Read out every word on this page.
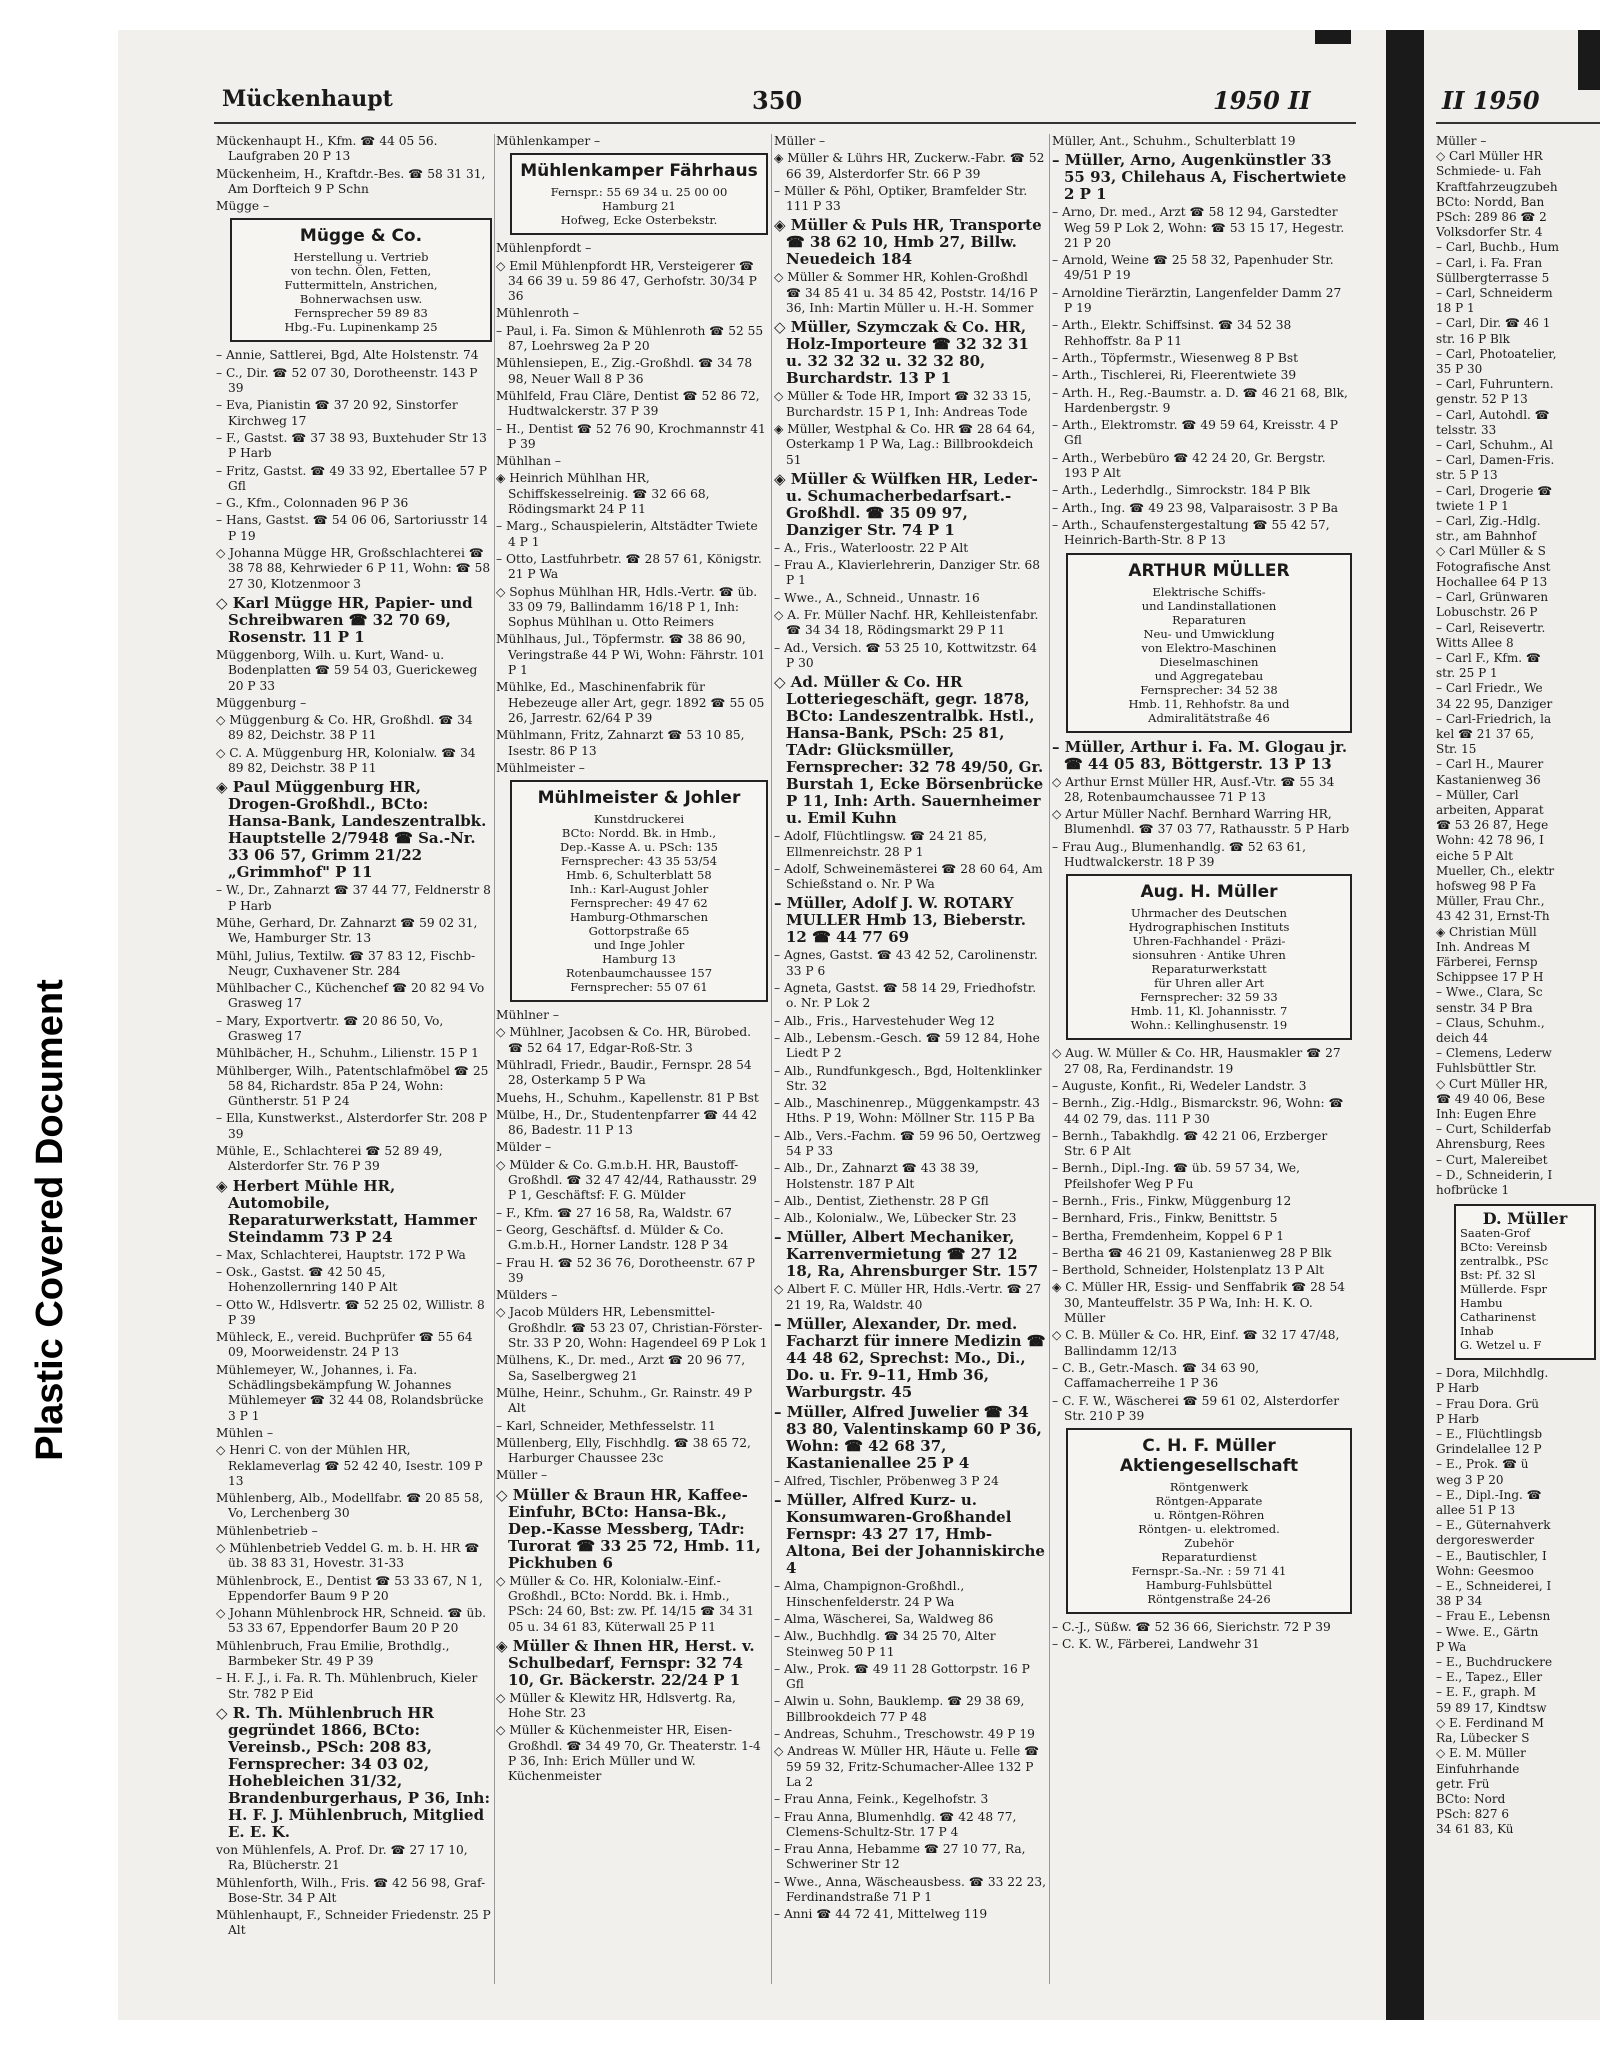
Plastic Covered Document
Mückenhaupt	350	1950 II

Mückenhaupt H., Kfm. ☎ 44 05 56. Laufgraben 20 P 13

Mückenheim, H., Kraftdr.-Bes. ☎ 58 31 31, Am Dorfteich 9 P Schn

Mügge –

Mügge & Co.
Herstellung u. Vertrieb
von techn. Ölen, Fetten,
Futtermitteln, Anstrichen,
Bohnerwachsen usw.
Fernsprecher 59 89 83
Hbg.-Fu. Lupinenkamp 25

– Annie, Sattlerei, Bgd, Alte Holstenstr. 74

– C., Dir. ☎ 52 07 30, Dorotheenstr. 143 P 39

– Eva, Pianistin ☎ 37 20 92, Sinstorfer Kirchweg 17

– F., Gastst. ☎ 37 38 93, Buxtehuder Str 13 P Harb

– Fritz, Gastst. ☎ 49 33 92, Ebertallee 57 P Gfl

– G., Kfm., Colonnaden 96 P 36

– Hans, Gastst. ☎ 54 06 06, Sartoriusstr 14 P 19

◇ Johanna Mügge HR, Großschlachterei ☎ 38 78 88, Kehrwieder 6 P 11, Wohn: ☎ 58 27 30, Klotzenmoor 3

◇ Karl Mügge HR, Papier- und Schreibwaren ☎ 32 70 69, Rosenstr. 11 P 1

Müggenborg, Wilh. u. Kurt, Wand- u. Bodenplatten ☎ 59 54 03, Guerickeweg 20 P 33

Müggenburg –

◇ Müggenburg & Co. HR, Großhdl. ☎ 34 89 82, Deichstr. 38 P 11

◇ C. A. Müggenburg HR, Kolonialw. ☎ 34 89 82, Deichstr. 38 P 11

◈ Paul Müggenburg HR, Drogen-Großhdl., BCto: Hansa-Bank, Landeszentralbk. Hauptstelle 2/7948 ☎ Sa.-Nr. 33 06 57, Grimm 21/22 „Grimmhof" P 11

– W., Dr., Zahnarzt ☎ 37 44 77, Feldnerstr 8 P Harb

Mühe, Gerhard, Dr. Zahnarzt ☎ 59 02 31, We, Hamburger Str. 13

Mühl, Julius, Textilw. ☎ 37 83 12, Fischb-Neugr, Cuxhavener Str. 284

Mühlbacher C., Küchenchef ☎ 20 82 94 Vo Grasweg 17

– Mary, Exportvertr. ☎ 20 86 50, Vo, Grasweg 17

Mühlbächer, H., Schuhm., Lilienstr. 15 P 1

Mühlberger, Wilh., Patentschlafmöbel ☎ 25 58 84, Richardstr. 85a P 24, Wohn: Güntherstr. 51 P 24

– Ella, Kunstwerkst., Alsterdorfer Str. 208 P 39

Mühle, E., Schlachterei ☎ 52 89 49, Alsterdorfer Str. 76 P 39

◈ Herbert Mühle HR, Automobile, Reparaturwerkstatt, Hammer Steindamm 73 P 24

– Max, Schlachterei, Hauptstr. 172 P Wa

– Osk., Gastst. ☎ 42 50 45, Hohenzollernring 140 P Alt

– Otto W., Hdlsvertr. ☎ 52 25 02, Willistr. 8 P 39

Mühleck, E., vereid. Buchprüfer ☎ 55 64 09, Moorweidenstr. 24 P 13

Mühlemeyer, W., Johannes, i. Fa. Schädlingsbekämpfung W. Johannes Mühlemeyer ☎ 32 44 08, Rolandsbrücke 3 P 1

Mühlen –

◇ Henri C. von der Mühlen HR, Reklameverlag ☎ 52 42 40, Isestr. 109 P 13

Mühlenberg, Alb., Modellfabr. ☎ 20 85 58, Vo, Lerchenberg 30

Mühlenbetrieb –

◇ Mühlenbetrieb Veddel G. m. b. H. HR ☎ üb. 38 83 31, Hovestr. 31-33

Mühlenbrock, E., Dentist ☎ 53 33 67, N 1, Eppendorfer Baum 9 P 20

◇ Johann Mühlenbrock HR, Schneid. ☎ üb. 53 33 67, Eppendorfer Baum 20 P 20

Mühlenbruch, Frau Emilie, Brothdlg., Barmbeker Str. 49 P 39

– H. F. J., i. Fa. R. Th. Mühlenbruch, Kieler Str. 782 P Eid

◇ R. Th. Mühlenbruch HR gegründet 1866, BCto: Vereinsb., PSch: 208 83, Fernsprecher: 34 03 02, Hohebleichen 31/32, Brandenburgerhaus, P 36, Inh: H. F. J. Mühlenbruch, Mitglied E. E. K.

von Mühlenfels, A. Prof. Dr. ☎ 27 17 10, Ra, Blücherstr. 21

Mühlenforth, Wilh., Fris. ☎ 42 56 98, Graf-Bose-Str. 34 P Alt

Mühlenhaupt, F., Schneider Friedenstr. 25 P Alt

Mühlenkamper –

Mühlenkamper Fährhaus
Fernspr.: 55 69 34 u. 25 00 00
Hamburg 21
Hofweg, Ecke Osterbekstr.

Mühlenpfordt –

◇ Emil Mühlenpfordt HR, Versteigerer ☎ 34 66 39 u. 59 86 47, Gerhofstr. 30/34 P 36

Mühlenroth –

– Paul, i. Fa. Simon & Mühlenroth ☎ 52 55 87, Loehrsweg 2a P 20

Mühlensiepen, E., Zig.-Großhdl. ☎ 34 78 98, Neuer Wall 8 P 36

Mühlfeld, Frau Cläre, Dentist ☎ 52 86 72, Hudtwalckerstr. 37 P 39

– H., Dentist ☎ 52 76 90, Krochmannstr 41 P 39

Mühlhan –

◈ Heinrich Mühlhan HR, Schiffskesselreinig. ☎ 32 66 68, Rödingsmarkt 24 P 11

– Marg., Schauspielerin, Altstädter Twiete 4 P 1

– Otto, Lastfuhrbetr. ☎ 28 57 61, Königstr. 21 P Wa

◇ Sophus Mühlhan HR, Hdls.-Vertr. ☎ üb. 33 09 79, Ballindamm 16/18 P 1, Inh: Sophus Mühlhan u. Otto Reimers

Mühlhaus, Jul., Töpfermstr. ☎ 38 86 90, Veringstraße 44 P Wi, Wohn: Fährstr. 101 P 1

Mühlke, Ed., Maschinenfabrik für Hebezeuge aller Art, gegr. 1892 ☎ 55 05 26, Jarrestr. 62/64 P 39

Mühlmann, Fritz, Zahnarzt ☎ 53 10 85, Isestr. 86 P 13

Mühlmeister –

Mühlmeister & Johler
Kunstdruckerei
BCto: Nordd. Bk. in Hmb.,
Dep.-Kasse A. u. PSch: 135
Fernsprecher: 43 35 53/54
Hmb. 6, Schulterblatt 58
Inh.: Karl-August Johler
Fernsprecher: 49 47 62
Hamburg-Othmarschen
Gottorpstraße 65
und Inge Johler
Hamburg 13
Rotenbaumchaussee 157
Fernsprecher: 55 07 61

Mühlner –

◇ Mühlner, Jacobsen & Co. HR, Bürobed. ☎ 52 64 17, Edgar-Roß-Str. 3

Mühlradl, Friedr., Baudir., Fernspr. 28 54 28, Osterkamp 5 P Wa

Muehs, H., Schuhm., Kapellenstr. 81 P Bst

Mülbe, H., Dr., Studentenpfarrer ☎ 44 42 86, Badestr. 11 P 13

Mülder –

◇ Mülder & Co. G.m.b.H. HR, Baustoff-Großhdl. ☎ 32 47 42/44, Rathausstr. 29 P 1, Geschäftsf: F. G. Mülder

– F., Kfm. ☎ 27 16 58, Ra, Waldstr. 67

– Georg, Geschäftsf. d. Mülder & Co. G.m.b.H., Horner Landstr. 128 P 34

– Frau H. ☎ 52 36 76, Dorotheenstr. 67 P 39

Mülders –

◇ Jacob Mülders HR, Lebensmittel-Großhdlr. ☎ 53 23 07, Christian-Förster-Str. 33 P 20, Wohn: Hagendeel 69 P Lok 1

Mülhens, K., Dr. med., Arzt ☎ 20 96 77, Sa, Saselbergweg 21

Mülhe, Heinr., Schuhm., Gr. Rainstr. 49 P Alt

– Karl, Schneider, Methfesselstr. 11

Müllenberg, Elly, Fischhdlg. ☎ 38 65 72, Harburger Chaussee 23c

Müller –

◇ Müller & Braun HR, Kaffee-Einfuhr, BCto: Hansa-Bk., Dep.-Kasse Messberg, TAdr: Turorat ☎ 33 25 72, Hmb. 11, Pickhuben 6

◇ Müller & Co. HR, Kolonialw.-Einf.-Großhdl., BCto: Nordd. Bk. i. Hmb., PSch: 24 60, Bst: zw. Pf. 14/15 ☎ 34 31 05 u. 34 61 83, Küterwall 25 P 11

◈ Müller & Ihnen HR, Herst. v. Schulbedarf, Fernspr: 32 74 10, Gr. Bäckerstr. 22/24 P 1

◇ Müller & Klewitz HR, Hdlsvertg. Ra, Hohe Str. 23

◇ Müller & Küchenmeister HR, Eisen-Großhdl. ☎ 34 49 70, Gr. Theaterstr. 1-4 P 36, Inh: Erich Müller und W. Küchenmeister

Müller –

◈ Müller & Lührs HR, Zuckerw.-Fabr. ☎ 52 66 39, Alsterdorfer Str. 66 P 39

– Müller & Pöhl, Optiker, Bramfelder Str. 111 P 33

◈ Müller & Puls HR, Transporte ☎ 38 62 10, Hmb 27, Billw. Neuedeich 184

◇ Müller & Sommer HR, Kohlen-Großhdl ☎ 34 85 41 u. 34 85 42, Poststr. 14/16 P 36, Inh: Martin Müller u. H.-H. Sommer

◇ Müller, Szymczak & Co. HR, Holz-Importeure ☎ 32 32 31 u. 32 32 32 u. 32 32 80, Burchardstr. 13 P 1

◇ Müller & Tode HR, Import ☎ 32 33 15, Burchardstr. 15 P 1, Inh: Andreas Tode

◈ Müller, Westphal & Co. HR ☎ 28 64 64, Osterkamp 1 P Wa, Lag.: Billbrookdeich 51

◈ Müller & Wülfken HR, Leder- u. Schumacherbedarfsart.-Großhdl. ☎ 35 09 97, Danziger Str. 74 P 1

– A., Fris., Waterloostr. 22 P Alt

– Frau A., Klavierlehrerin, Danziger Str. 68 P 1

– Wwe., A., Schneid., Unnastr. 16

◇ A. Fr. Müller Nachf. HR, Kehlleistenfabr. ☎ 34 34 18, Rödingsmarkt 29 P 11

– Ad., Versich. ☎ 53 25 10, Kottwitzstr. 64 P 30

◇ Ad. Müller & Co. HR Lotteriegeschäft, gegr. 1878, BCto: Landeszentralbk. Hstl., Hansa-Bank, PSch: 25 81, TAdr: Glücksmüller, Fernsprecher: 32 78 49/50, Gr. Burstah 1, Ecke Börsenbrücke P 11, Inh: Arth. Sauernheimer u. Emil Kuhn

– Adolf, Flüchtlingsw. ☎ 24 21 85, Ellmenreichstr. 28 P 1

– Adolf, Schweinemästerei ☎ 28 60 64, Am Schießstand o. Nr. P Wa

– Müller, Adolf J. W. ROTARY MULLER Hmb 13, Bieberstr. 12 ☎ 44 77 69

– Agnes, Gastst. ☎ 43 42 52, Carolinenstr. 33 P 6

– Agneta, Gastst. ☎ 58 14 29, Friedhofstr. o. Nr. P Lok 2

– Alb., Fris., Harvestehuder Weg 12

– Alb., Lebensm.-Gesch. ☎ 59 12 84, Hohe Liedt P 2

– Alb., Rundfunkgesch., Bgd, Holtenklinker Str. 32

– Alb., Maschinenrep., Müggenkampstr. 43 Hths. P 19, Wohn: Möllner Str. 115 P Ba

– Alb., Vers.-Fachm. ☎ 59 96 50, Oertzweg 54 P 33

– Alb., Dr., Zahnarzt ☎ 43 38 39, Holstenstr. 187 P Alt

– Alb., Dentist, Ziethenstr. 28 P Gfl

– Alb., Kolonialw., We, Lübecker Str. 23

– Müller, Albert Mechaniker, Karrenvermietung ☎ 27 12 18, Ra, Ahrensburger Str. 157

◇ Albert F. C. Müller HR, Hdls.-Vertr. ☎ 27 21 19, Ra, Waldstr. 40

– Müller, Alexander, Dr. med. Facharzt für innere Medizin ☎ 44 48 62, Sprechst: Mo., Di., Do. u. Fr. 9–11, Hmb 36, Warburgstr. 45

– Müller, Alfred Juwelier ☎ 34 83 80, Valentinskamp 60 P 36, Wohn: ☎ 42 68 37, Kastanienallee 25 P 4

– Alfred, Tischler, Pröbenweg 3 P 24

– Müller, Alfred Kurz- u. Konsumwaren-Großhandel Fernspr: 43 27 17, Hmb-Altona, Bei der Johanniskirche 4

– Alma, Champignon-Großhdl., Hinschenfelderstr. 24 P Wa

– Alma, Wäscherei, Sa, Waldweg 86

– Alw., Buchhdlg. ☎ 34 25 70, Alter Steinweg 50 P 11

– Alw., Prok. ☎ 49 11 28 Gottorpstr. 16 P Gfl

– Alwin u. Sohn, Bauklemp. ☎ 29 38 69, Billbrookdeich 77 P 48

– Andreas, Schuhm., Treschowstr. 49 P 19

◇ Andreas W. Müller HR, Häute u. Felle ☎ 59 59 32, Fritz-Schumacher-Allee 132 P La 2

– Frau Anna, Feink., Kegelhofstr. 3

– Frau Anna, Blumenhdlg. ☎ 42 48 77, Clemens-Schultz-Str. 17 P 4

– Frau Anna, Hebamme ☎ 27 10 77, Ra, Schweriner Str 12

– Wwe., Anna, Wäscheausbess. ☎ 33 22 23, Ferdinandstraße 71 P 1

– Anni ☎ 44 72 41, Mittelweg 119

Müller, Ant., Schuhm., Schulterblatt 19

– Müller, Arno, Augenkünstler 33 55 93, Chilehaus A, Fischertwiete 2 P 1

– Arno, Dr. med., Arzt ☎ 58 12 94, Garstedter Weg 59 P Lok 2, Wohn: ☎ 53 15 17, Hegestr. 21 P 20

– Arnold, Weine ☎ 25 58 32, Papenhuder Str. 49/51 P 19

– Arnoldine Tierärztin, Langenfelder Damm 27 P 19

– Arth., Elektr. Schiffsinst. ☎ 34 52 38 Rehhoffstr. 8a P 11

– Arth., Töpfermstr., Wiesenweg 8 P Bst

– Arth., Tischlerei, Ri, Fleerentwiete 39

– Arth. H., Reg.-Baumstr. a. D. ☎ 46 21 68, Blk, Hardenbergstr. 9

– Arth., Elektromstr. ☎ 49 59 64, Kreisstr. 4 P Gfl

– Arth., Werbebüro ☎ 42 24 20, Gr. Bergstr. 193 P Alt

– Arth., Lederhdlg., Simrockstr. 184 P Blk

– Arth., Ing. ☎ 49 23 98, Valparaisostr. 3 P Ba

– Arth., Schaufenstergestaltung ☎ 55 42 57, Heinrich-Barth-Str. 8 P 13

ARTHUR MÜLLER
Elektrische Schiffs-
und Landinstallationen
Reparaturen
Neu- und Umwicklung
von Elektro-Maschinen
Dieselmaschinen
und Aggregatebau
Fernsprecher: 34 52 38
Hmb. 11, Rehhofstr. 8a und
Admiralitätstraße 46

– Müller, Arthur i. Fa. M. Glogau jr. ☎ 44 05 83, Böttgerstr. 13 P 13

◇ Arthur Ernst Müller HR, Ausf.-Vtr. ☎ 55 34 28, Rotenbaumchaussee 71 P 13

◇ Artur Müller Nachf. Bernhard Warring HR, Blumenhdl. ☎ 37 03 77, Rathausstr. 5 P Harb

– Frau Aug., Blumenhandlg. ☎ 52 63 61, Hudtwalckerstr. 18 P 39

Aug. H. Müller
Uhrmacher des Deutschen
Hydrographischen Instituts
Uhren-Fachhandel · Präzi-
sionsuhren · Antike Uhren
Reparaturwerkstatt
für Uhren aller Art
Fernsprecher: 32 59 33
Hmb. 11, Kl. Johannisstr. 7
Wohn.: Kellinghusenstr. 19

◇ Aug. W. Müller & Co. HR, Hausmakler ☎ 27 27 08, Ra, Ferdinandstr. 19

– Auguste, Konfit., Ri, Wedeler Landstr. 3

– Bernh., Zig.-Hdlg., Bismarckstr. 96, Wohn: ☎ 44 02 79, das. 111 P 30

– Bernh., Tabakhdlg. ☎ 42 21 06, Erzberger Str. 6 P Alt

– Bernh., Dipl.-Ing. ☎ üb. 59 57 34, We, Pfeilshofer Weg P Fu

– Bernh., Fris., Finkw, Müggenburg 12

– Bernhard, Fris., Finkw, Benittstr. 5

– Bertha, Fremdenheim, Koppel 6 P 1

– Bertha ☎ 46 21 09, Kastanienweg 28 P Blk

– Berthold, Schneider, Holstenplatz 13 P Alt

◈ C. Müller HR, Essig- und Senffabrik ☎ 28 54 30, Manteuffelstr. 35 P Wa, Inh: H. K. O. Müller

◇ C. B. Müller & Co. HR, Einf. ☎ 32 17 47/48, Ballindamm 12/13

– C. B., Getr.-Masch. ☎ 34 63 90, Caffamacherreihe 1 P 36

– C. F. W., Wäscherei ☎ 59 61 02, Alsterdorfer Str. 210 P 39

C. H. F. Müller Aktiengesellschaft
Röntgenwerk
Röntgen-Apparate
u. Röntgen-Röhren
Röntgen- u. elektromed.
Zubehör
Reparaturdienst
Fernspr.-Sa.-Nr. : 59 71 41
Hamburg-Fuhlsbüttel
Röntgenstraße 24-26

– C.-J., Süßw. ☎ 52 36 66, Sierichstr. 72 P 39

– C. K. W., Färberei, Landwehr 31

II 1950
Müller –
◇ Carl Müller HR
Schmiede- u. Fah
Kraftfahrzeugzubeh
BCto: Nordd, Ban
PSch: 289 86 ☎ 2
Volksdorfer Str. 4
– Carl, Buchb., Hum
– Carl, i. Fa. Fran
Süllbergterrasse 5
– Carl, Schneiderm
18 P 1
– Carl, Dir. ☎ 46 1
str. 16 P Blk
– Carl, Photoatelier,
35 P 30
– Carl, Fuhruntern.
genstr. 52 P 13
– Carl, Autohdl. ☎
telsstr. 33
– Carl, Schuhm., Al
– Carl, Damen-Fris.
str. 5 P 13
– Carl, Drogerie ☎
twiete 1 P 1
– Carl, Zig.-Hdlg.
str., am Bahnhof
◇ Carl Müller & S
Fotografische Anst
Hochallee 64 P 13
– Carl, Grünwaren
Lobuschstr. 26 P
– Carl, Reisevertr.
Witts Allee 8
– Carl F., Kfm. ☎
str. 25 P 1
– Carl Friedr., We
34 22 95, Danziger
– Carl-Friedrich, la
kel ☎ 21 37 65,
Str. 15
– Carl H., Maurer
Kastanienweg 36
– Müller, Carl
arbeiten, Apparat
☎ 53 26 87, Hege
Wohn: 42 78 96, I
eiche 5 P Alt
Mueller, Ch., elektr
hofsweg 98 P Fa
Müller, Frau Chr.,
43 42 31, Ernst-Th
◈ Christian Müll
Inh. Andreas M
Färberei, Fernsp
Schippsee 17 P H
– Wwe., Clara, Sc
senstr. 34 P Bra
– Claus, Schuhm.,
deich 44
– Clemens, Lederw
Fuhlsbüttler Str.
◇ Curt Müller HR,
☎ 49 40 06, Bese
Inh: Eugen Ehre
– Curt, Schilderfab
Ahrensburg, Rees
– Curt, Malereibet
– D., Schneiderin, I
hofbrücke 1
D. Müller
Saaten-Grof
BCto: Vereinsb
zentralbk., PSc
Bst: Pf. 32 Sl
Müllerde. Fspr
Hambu
Catharinenst
Inhab
G. Wetzel u. F
– Dora, Milchhdlg.
P Harb
– Frau Dora. Grü
P Harb
– E., Flüchtlingsb
Grindelallee 12 P
– E., Prok. ☎ ü
weg 3 P 20
– E., Dipl.-Ing. ☎
allee 51 P 13
– E., Güternahverk
dergoreswerder
– E., Bautischler, I
Wohn: Geesmoo
– E., Schneiderei, I
38 P 34
– Frau E., Lebensn
– Wwe. E., Gärtn
P Wa
– E., Buchdruckere
– E., Tapez., Eller
– E. F., graph. M
59 89 17, Kindtsw
◇ E. Ferdinand M
Ra, Lübecker S
◇ E. M. Müller
Einfuhrhande
getr. Frü
BCto: Nord
PSch: 827 6
34 61 83, Kü
